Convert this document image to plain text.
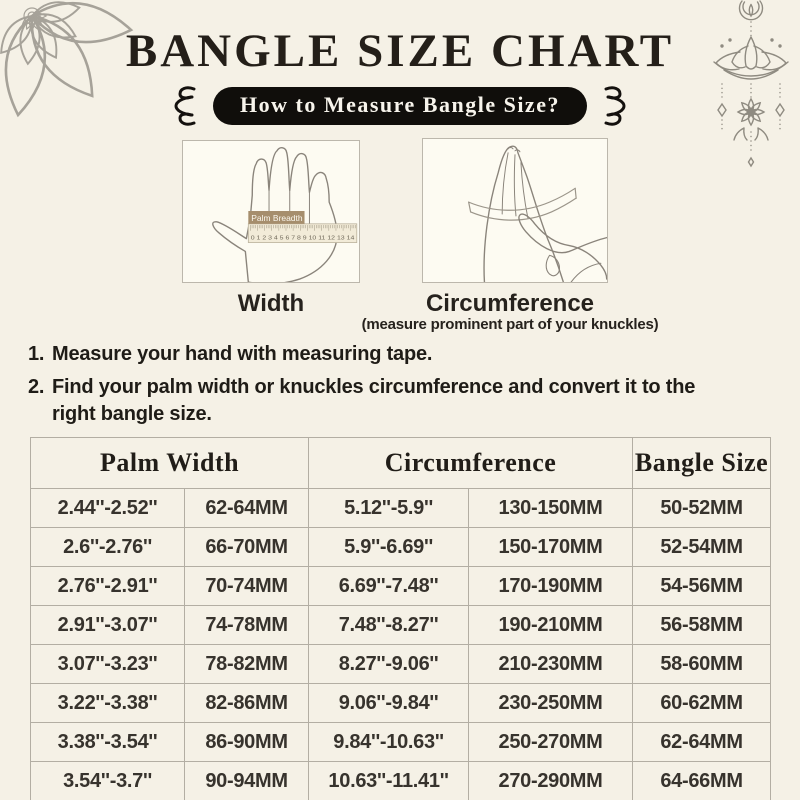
BANGLE SIZE CHART
How to Measure Bangle Size?
0 1 2 3 4 5 6 7 8 9 10 11 12 13 14
Palm Breadth
Width	Circumference
(measure prominent part of your knuckles)
1. Measure your hand with measuring tape.
2. Find your palm width or knuckles circumference and convert it to the
right bangle size.
Palm Width		Circumference		Bangle Size
2.44''-2.52''	62-64MM	5.12''-5.9''	130-150MM	50-52MM
2.6''-2.76''	66-70MM	5.9''-6.69''	150-170MM	52-54MM
2.76''-2.91''	70-74MM	6.69''-7.48''	170-190MM	54-56MM
2.91''-3.07''	74-78MM	7.48''-8.27''	190-210MM	56-58MM
3.07''-3.23''	78-82MM	8.27''-9.06''	210-230MM	58-60MM
3.22''-3.38''	82-86MM	9.06''-9.84''	230-250MM	60-62MM
3.38''-3.54''	86-90MM	9.84''-10.63''	250-270MM	62-64MM
3.54''-3.7''	90-94MM	10.63''-11.41''	270-290MM	64-66MM
